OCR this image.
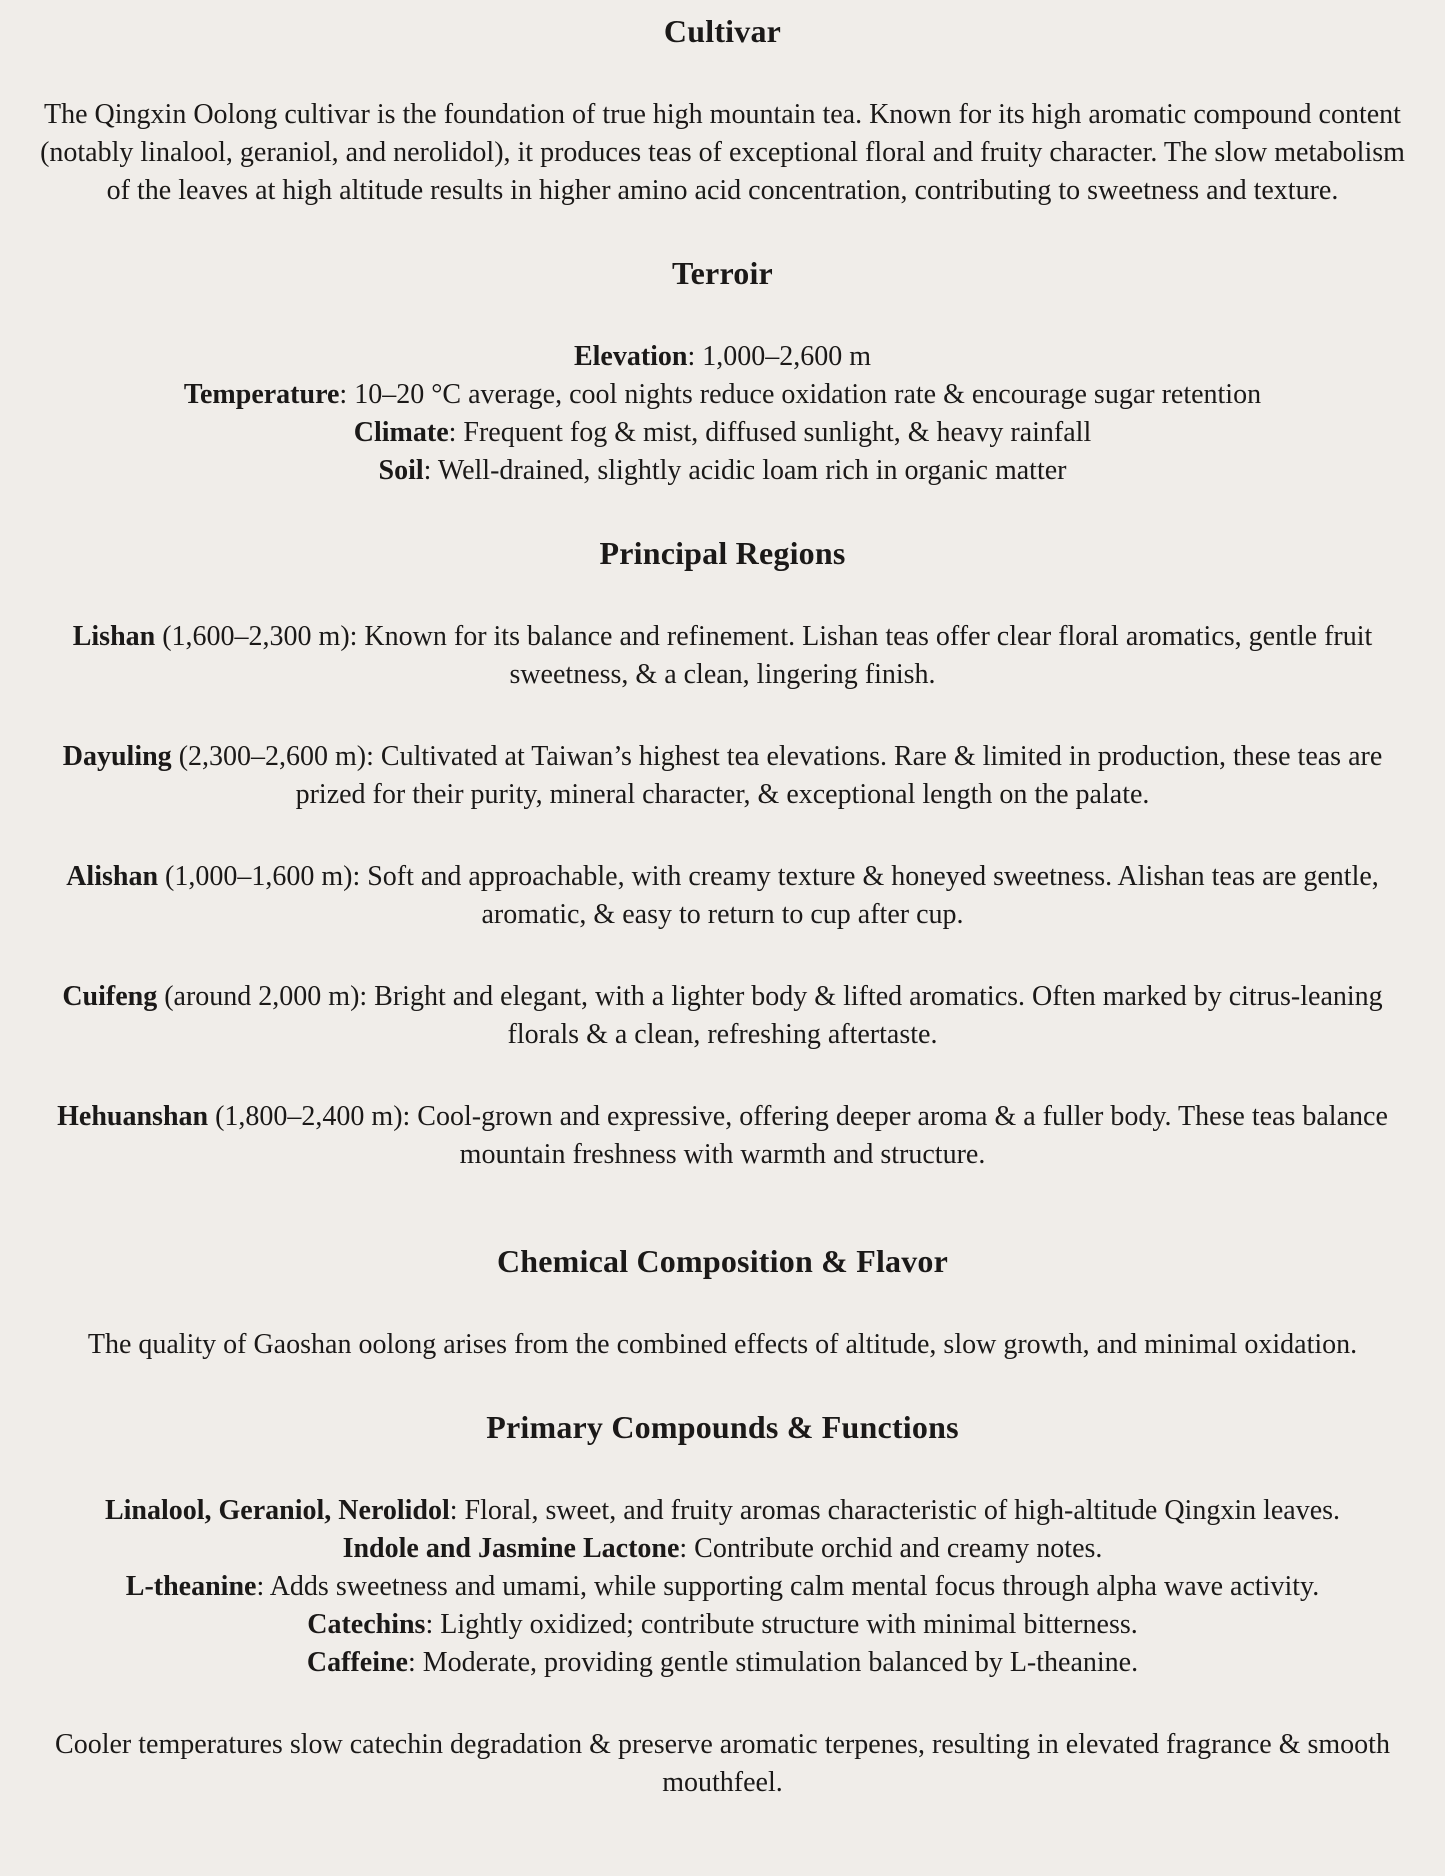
Cultivar

The Qingxin Oolong cultivar is the foundation of true high mountain tea. Known for its high aromatic compound content (notably linalool, geraniol, and nerolidol), it produces teas of exceptional floral and fruity character. The slow metabolism of the leaves at high altitude results in higher amino acid concentration, contributing to sweetness and texture.

Terroir
Elevation: 1,000–2,600 m
Temperature: 10–20 °C average, cool nights reduce oxidation rate & encourage sugar retention
Climate: Frequent fog & mist, diffused sunlight, & heavy rainfall
Soil: Well-drained, slightly acidic loam rich in organic matter
Principal Regions

Lishan (1,600–2,300 m): Known for its balance and refinement. Lishan teas offer clear floral aromatics, gentle fruit sweetness, & a clean, lingering finish.

Dayuling (2,300–2,600 m): Cultivated at Taiwan’s highest tea elevations. Rare & limited in production, these teas are prized for their purity, mineral character, & exceptional length on the palate.

Alishan (1,000–1,600 m): Soft and approachable, with creamy texture & honeyed sweetness. Alishan teas are gentle, aromatic, & easy to return to cup after cup.

Cuifeng (around 2,000 m): Bright and elegant, with a lighter body & lifted aromatics. Often marked by citrus-leaning florals & a clean, refreshing aftertaste.

Hehuanshan (1,800–2,400 m): Cool-grown and expressive, offering deeper aroma & a fuller body. These teas balance mountain freshness with warmth and structure.

Chemical Composition & Flavor

The quality of Gaoshan oolong arises from the combined effects of altitude, slow growth, and minimal oxidation.

Primary Compounds & Functions
Linalool, Geraniol, Nerolidol: Floral, sweet, and fruity aromas characteristic of high-altitude Qingxin leaves.
Indole and Jasmine Lactone: Contribute orchid and creamy notes.
L-theanine: Adds sweetness and umami, while supporting calm mental focus through alpha wave activity.
Catechins: Lightly oxidized; contribute structure with minimal bitterness.
Caffeine: Moderate, providing gentle stimulation balanced by L-theanine.

Cooler temperatures slow catechin degradation & preserve aromatic terpenes, resulting in elevated fragrance & smooth mouthfeel.
